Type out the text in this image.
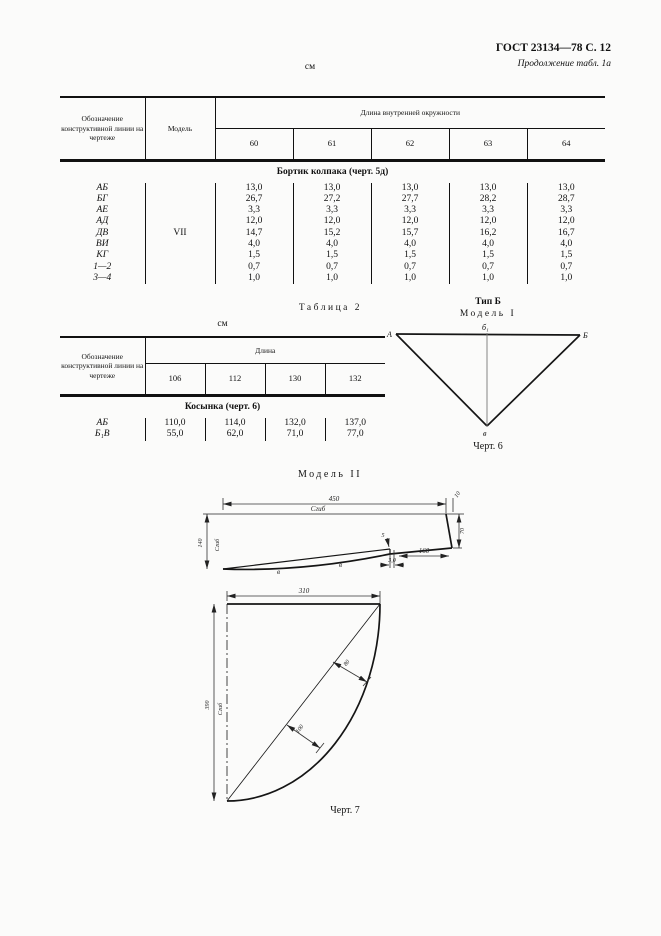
ГОСТ 23134—78 С. 12
см	Продолжение табл. 1а
Обозначение конструктивной линии на чертеже	Модель	Длина внутренней окружности				
		60	61	62	63	64
Бортик колпака (черт. 5д)						
АБ	VII	13,0	13,0	13,0	13,0	13,0
БГ		26,7	27,2	27,7	28,2	28,7
АЕ		3,3	3,3	3,3	3,3	3,3
АД		12,0	12,0	12,0	12,0	12,0
ДВ		14,7	15,2	15,7	16,2	16,7
ВИ		4,0	4,0	4,0	4,0	4,0
КГ		1,5	1,5	1,5	1,5	1,5
1—2		0,7	0,7	0,7	0,7	0,7
3—4		1,0	1,0	1,0	1,0	1,0
Таблица 2
см
Обозначение конструктивной линии на чертеже	Длина			
	106	112	130	132
Косынка (черт. 6)				
АБ	110,0	114,0	132,0	137,0
Б₁В	55,0	62,0	71,0	77,0
Тип Б
Модель I
А
б₁
Б
в
Черт. 6
Модель II
450	10
Сгиб
140 Сгиб
в
в
5
3,0
160
70
310
390 Сгиб
80
100
Черт. 7
